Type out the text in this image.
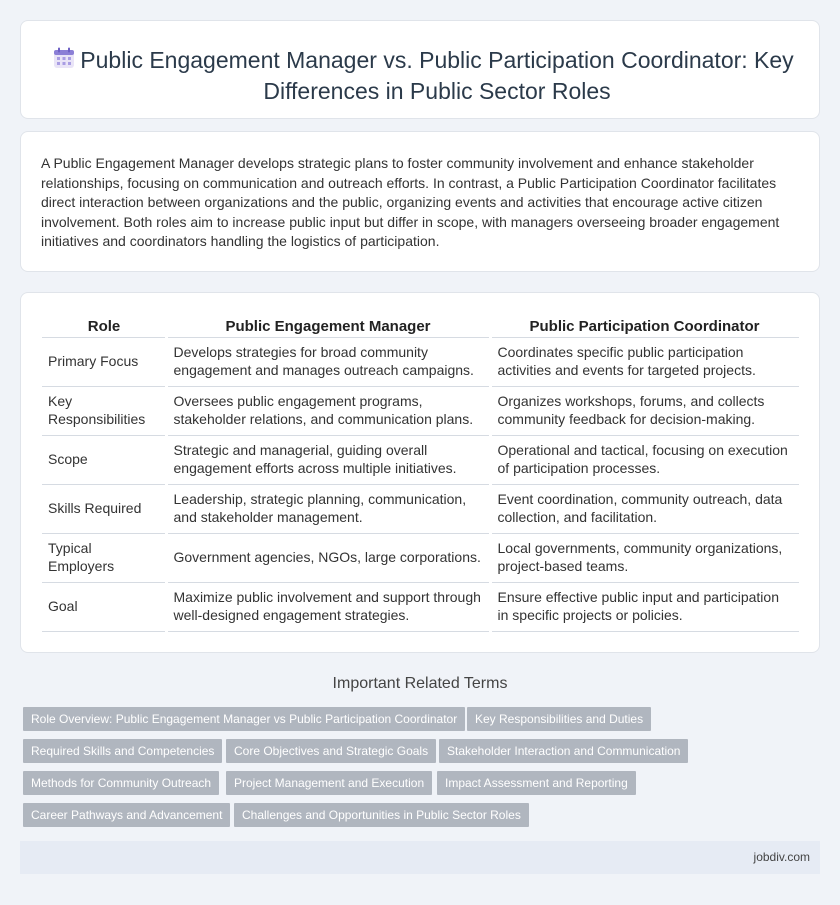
Public Engagement Manager vs. Public Participation Coordinator: Key Differences in Public Sector Roles

A Public Engagement Manager develops strategic plans to foster community involvement and enhance stakeholder relationships, focusing on communication and outreach efforts. In contrast, a Public Participation Coordinator facilitates direct interaction between organizations and the public, organizing events and activities that encourage active citizen involvement. Both roles aim to increase public input but differ in scope, with managers overseeing broader engagement initiatives and coordinators handling the logistics of participation.

Role	Public Engagement Manager	Public Participation Coordinator
Primary Focus	Develops strategies for broad community engagement and manages outreach campaigns.	Coordinates specific public participation activities and events for targeted projects.
Key Responsibilities	Oversees public engagement programs, stakeholder relations, and communication plans.	Organizes workshops, forums, and collects community feedback for decision-making.
Scope	Strategic and managerial, guiding overall engagement efforts across multiple initiatives.	Operational and tactical, focusing on execution of participation processes.
Skills Required	Leadership, strategic planning, communication, and stakeholder management.	Event coordination, community outreach, data collection, and facilitation.
Typical Employers	Government agencies, NGOs, large corporations.	Local governments, community organizations, project-based teams.
Goal	Maximize public involvement and support through well-designed engagement strategies.	Ensure effective public input and participation in specific projects or policies.
Important Related Terms
Role Overview: Public Engagement Manager vs Public Participation Coordinator	Key Responsibilities and Duties
Required Skills and Competencies	Core Objectives and Strategic Goals	Stakeholder Interaction and Communication
Methods for Community Outreach	Project Management and Execution	Impact Assessment and Reporting
Career Pathways and Advancement	Challenges and Opportunities in Public Sector Roles
jobdiv.com
